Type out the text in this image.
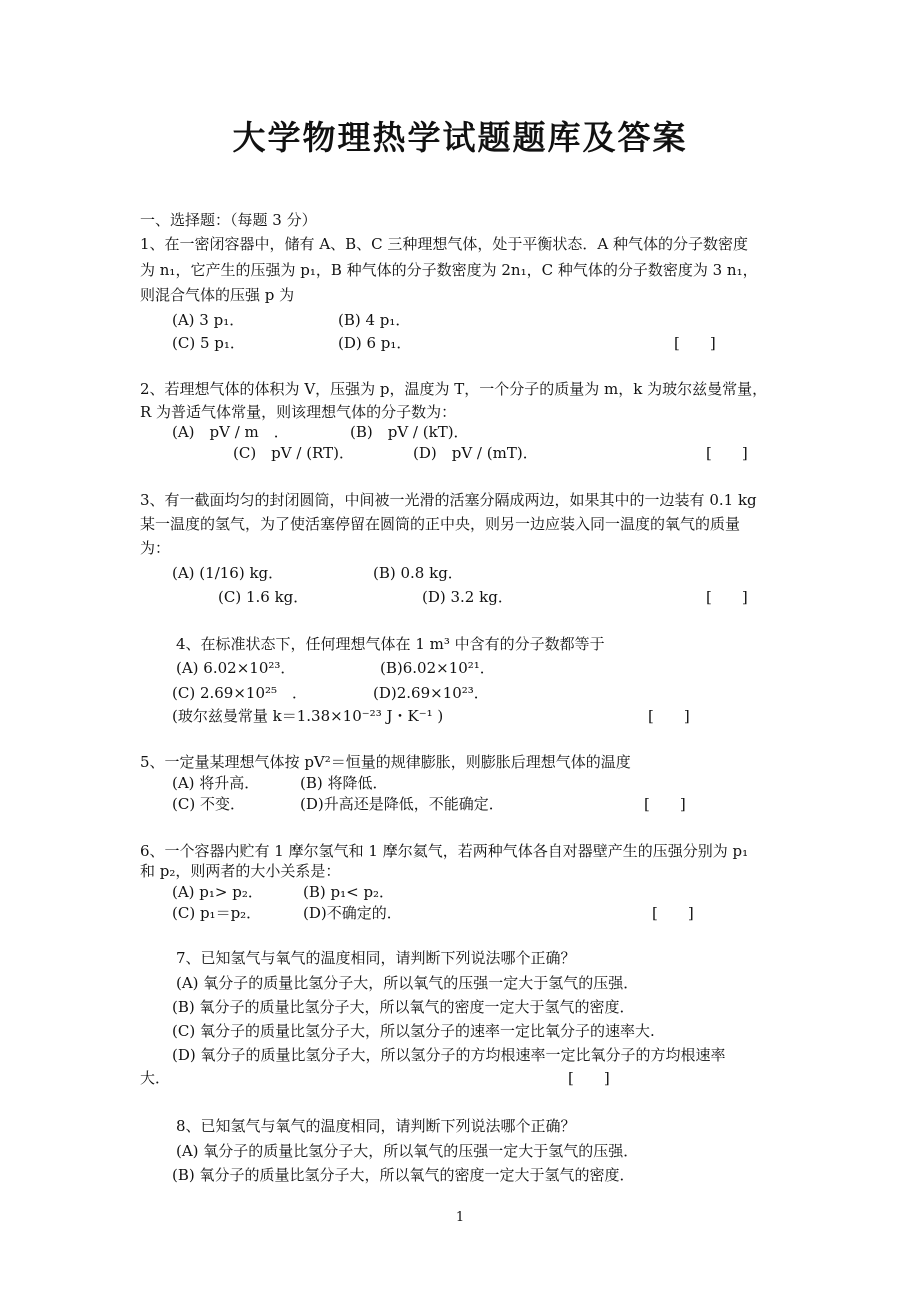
大学物理热学试题题库及答案

一、选择题：（每题 3 分）

1、在一密闭容器中，储有 A、B、C 三种理想气体，处于平衡状态．A 种气体的分子数密度

为 n₁，它产生的压强为 p₁，B 种气体的分子数密度为 2n₁，C 种气体的分子数密度为 3 n₁，

则混合气体的压强 p 为

(A) 3 p₁．	(B) 4 p₁．
(C) 5 p₁．	(D) 6 p₁．	[　　]

2、若理想气体的体积为 V，压强为 p，温度为 T，一个分子的质量为 m，k 为玻尔兹曼常量，

R 为普适气体常量，则该理想气体的分子数为：

(A)　pV / m　．	(B)　pV / (kT)．
(C)　pV / (RT)．	(D)　pV / (mT)．	[　　]

3、有一截面均匀的封闭圆筒，中间被一光滑的活塞分隔成两边，如果其中的一边装有 0.1 kg

某一温度的氢气，为了使活塞停留在圆筒的正中央，则另一边应装入同一温度的氧气的质量

为：

(A) (1/16) kg．	(B) 0.8 kg．
(C) 1.6 kg．	(D) 3.2 kg．	[　　]

4、在标准状态下，任何理想气体在 1 m³ 中含有的分子数都等于

(A) 6.02×10²³．	(B)6.02×10²¹．
(C) 2.69×10²⁵　．	(D)2.69×10²³．
(玻尔兹曼常量 k＝1.38×10⁻²³ J・K⁻¹ )	[　　]

5、一定量某理想气体按 pV²＝恒量的规律膨胀，则膨胀后理想气体的温度

(A) 将升高．	(B) 将降低．
(C) 不变．	(D)升高还是降低，不能确定．	[　　]

6、一个容器内贮有 1 摩尔氢气和 1 摩尔氦气，若两种气体各自对器壁产生的压强分别为 p₁

和 p₂，则两者的大小关系是：

(A) p₁> p₂．	(B) p₁< p₂．
(C) p₁＝p₂．	(D)不确定的．	[　　]

7、已知氢气与氧气的温度相同，请判断下列说法哪个正确？

(A) 氧分子的质量比氢分子大，所以氧气的压强一定大于氢气的压强．
(B) 氧分子的质量比氢分子大，所以氧气的密度一定大于氢气的密度．
(C) 氧分子的质量比氢分子大，所以氢分子的速率一定比氧分子的速率大.
(D) 氧分子的质量比氢分子大，所以氢分子的方均根速率一定比氧分子的方均根速率
大．	[　　]

8、已知氢气与氧气的温度相同，请判断下列说法哪个正确？

(A) 氧分子的质量比氢分子大，所以氧气的压强一定大于氢气的压强．
(B) 氧分子的质量比氢分子大，所以氧气的密度一定大于氢气的密度．
1
